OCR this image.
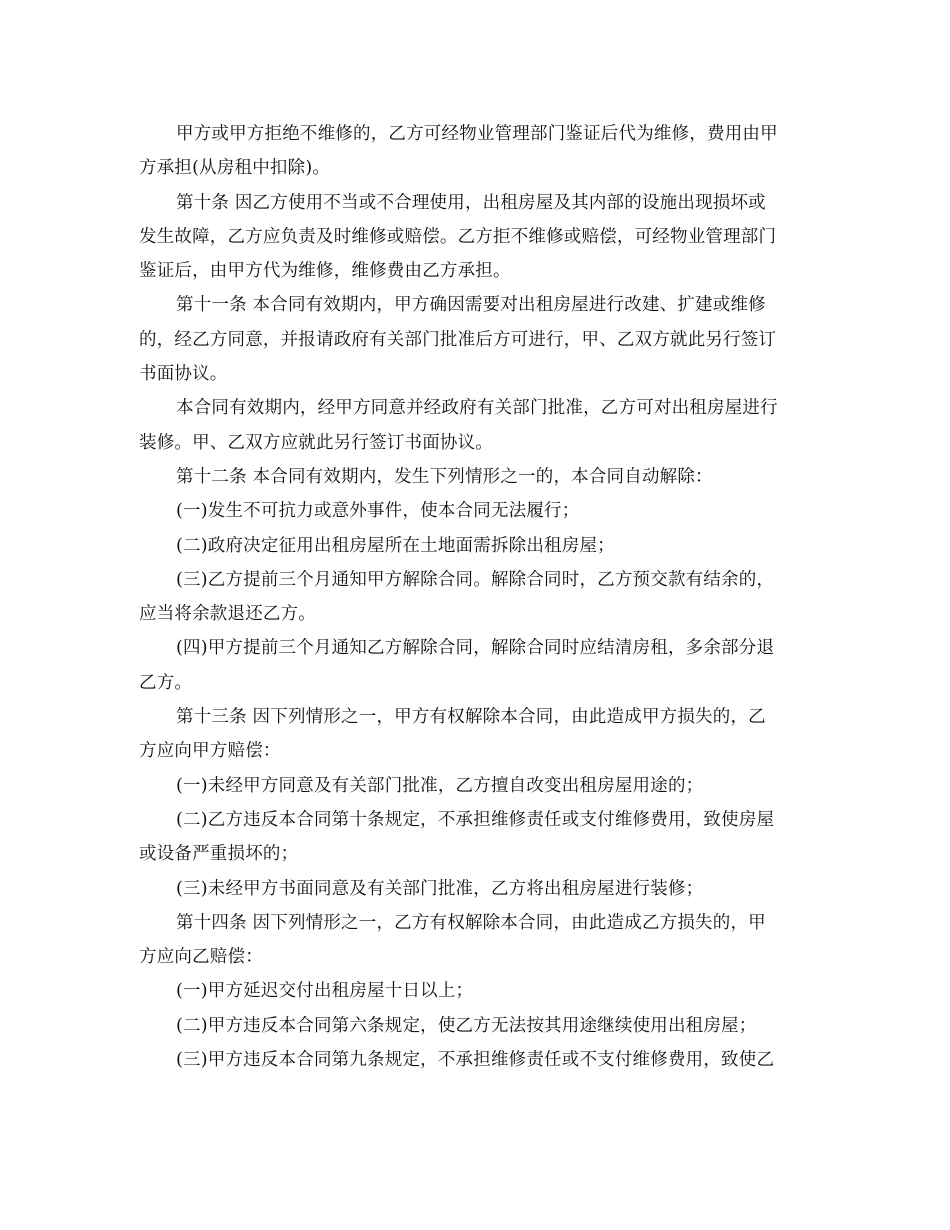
甲方或甲方拒绝不维修的，乙方可经物业管理部门鉴证后代为维修，费用由甲
方承担(从房租中扣除)。

第十条 因乙方使用不当或不合理使用，出租房屋及其内部的设施出现损坏或
发生故障，乙方应负责及时维修或赔偿。乙方拒不维修或赔偿，可经物业管理部门
鉴证后，由甲方代为维修，维修费由乙方承担。

第十一条 本合同有效期内，甲方确因需要对出租房屋进行改建、扩建或维修
的，经乙方同意，并报请政府有关部门批准后方可进行，甲、乙双方就此另行签订
书面协议。

本合同有效期内，经甲方同意并经政府有关部门批准，乙方可对出租房屋进行
装修。甲、乙双方应就此另行签订书面协议。

第十二条 本合同有效期内，发生下列情形之一的，本合同自动解除：

(一)发生不可抗力或意外事件，使本合同无法履行；

(二)政府决定征用出租房屋所在土地面需拆除出租房屋；

(三)乙方提前三个月通知甲方解除合同。解除合同时，乙方预交款有结余的，
应当将余款退还乙方。

(四)甲方提前三个月通知乙方解除合同，解除合同时应结清房租，多余部分退
乙方。

第十三条 因下列情形之一，甲方有权解除本合同，由此造成甲方损失的，乙
方应向甲方赔偿：

(一)未经甲方同意及有关部门批准，乙方擅自改变出租房屋用途的；

(二)乙方违反本合同第十条规定，不承担维修责任或支付维修费用，致使房屋
或设备严重损坏的；

(三)未经甲方书面同意及有关部门批准，乙方将出租房屋进行装修；

第十四条 因下列情形之一，乙方有权解除本合同，由此造成乙方损失的，甲
方应向乙赔偿：

(一)甲方延迟交付出租房屋十日以上；

(二)甲方违反本合同第六条规定，使乙方无法按其用途继续使用出租房屋；

(三)甲方违反本合同第九条规定，不承担维修责任或不支付维修费用，致使乙
